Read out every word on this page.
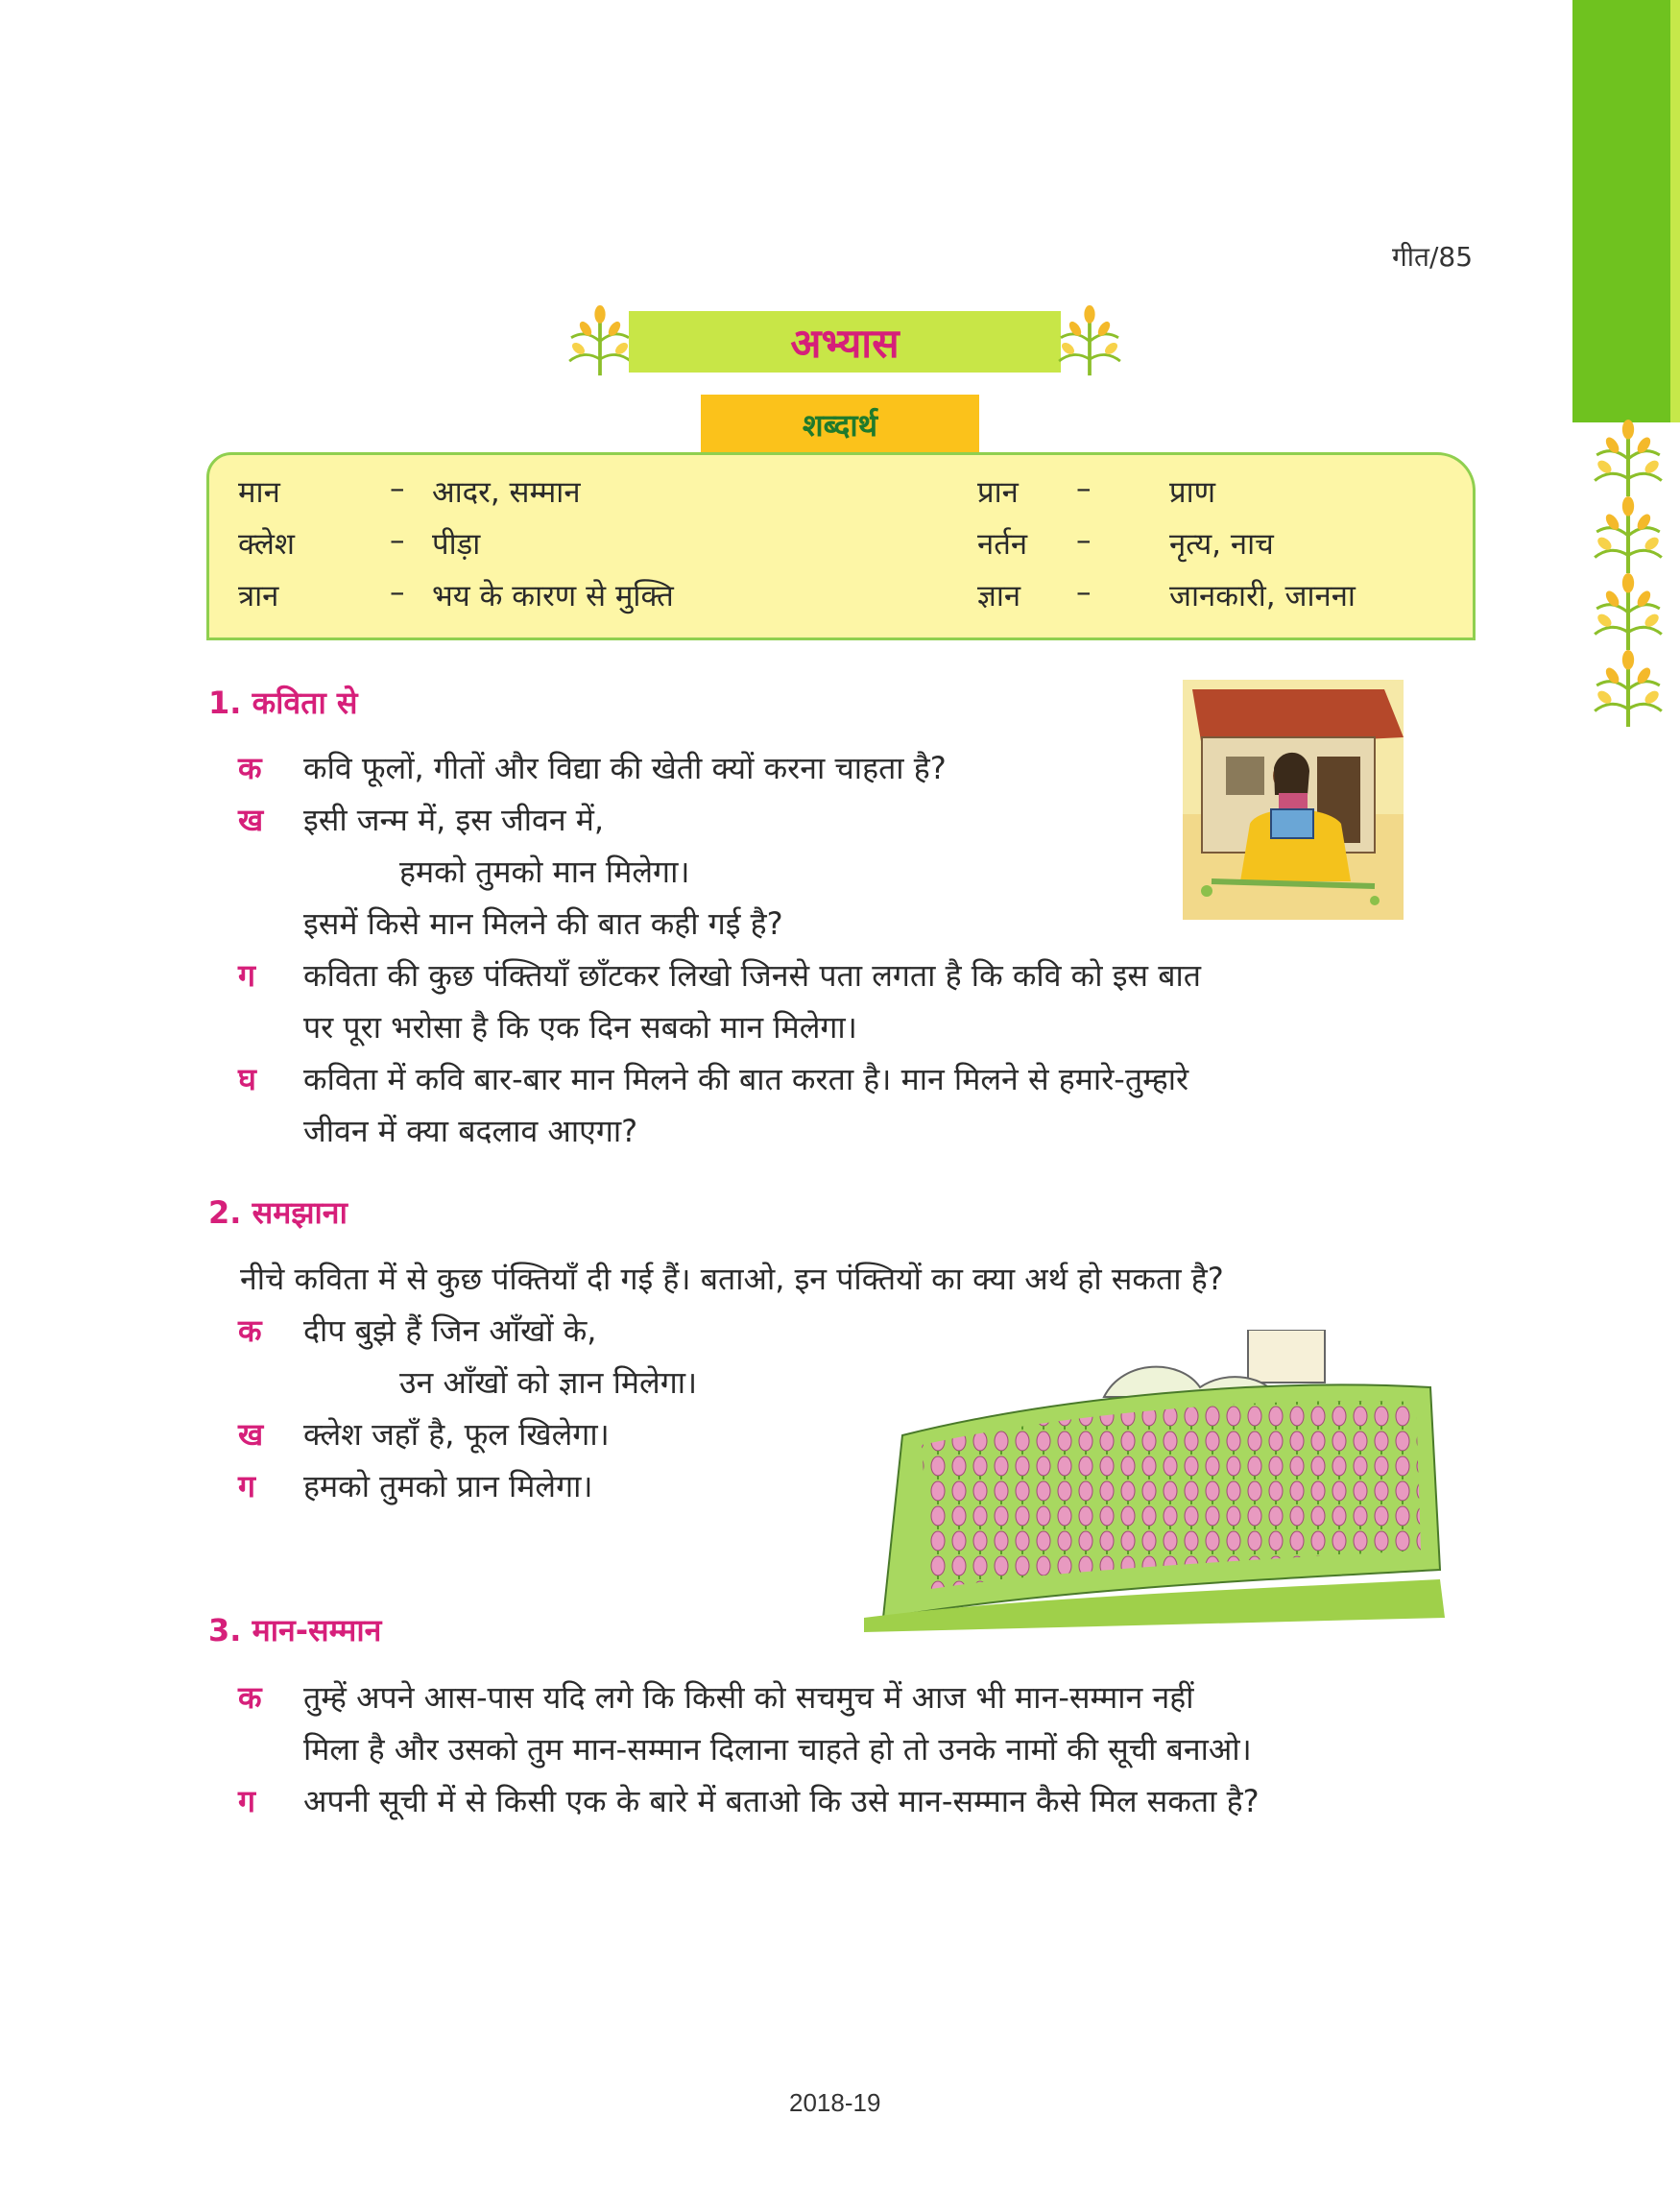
गीत/85
अभ्यास
शब्दार्थ
मान	– आदर, सम्मान	प्रान –	प्राण
क्लेश	– पीड़ा	नर्तन –	नृत्य, नाच
त्रान	– भय के कारण से मुक्ति	ज्ञान –	जानकारी, जानना
1. कविता से
क कवि फूलों, गीतों और विद्या की खेती क्यों करना चाहता है?
ख इसी जन्म में, इस जीवन में,
हमको तुमको मान मिलेगा।
इसमें किसे मान मिलने की बात कही गई है?
ग कविता की कुछ पंक्तियाँ छाँटकर लिखो जिनसे पता लगता है कि कवि को इस बात
पर पूरा भरोसा है कि एक दिन सबको मान मिलेगा।
घ कविता में कवि बार-बार मान मिलने की बात करता है। मान मिलने से हमारे-तुम्हारे
जीवन में क्या बदलाव आएगा?
2. समझाना
नीचे कविता में से कुछ पंक्तियाँ दी गई हैं। बताओ, इन पंक्तियों का क्या अर्थ हो सकता है?
क दीप बुझे हैं जिन आँखों के,
उन आँखों को ज्ञान मिलेगा।
ख क्लेश जहाँ है, फूल खिलेगा।
ग हमको तुमको प्रान मिलेगा।
3. मान-सम्मान
क तुम्हें अपने आस-पास यदि लगे कि किसी को सचमुच में आज भी मान-सम्मान नहीं
मिला है और उसको तुम मान-सम्मान दिलाना चाहते हो तो उनके नामों की सूची बनाओ।
ग अपनी सूची में से किसी एक के बारे में बताओ कि उसे मान-सम्मान कैसे मिल सकता है?
2018-19
